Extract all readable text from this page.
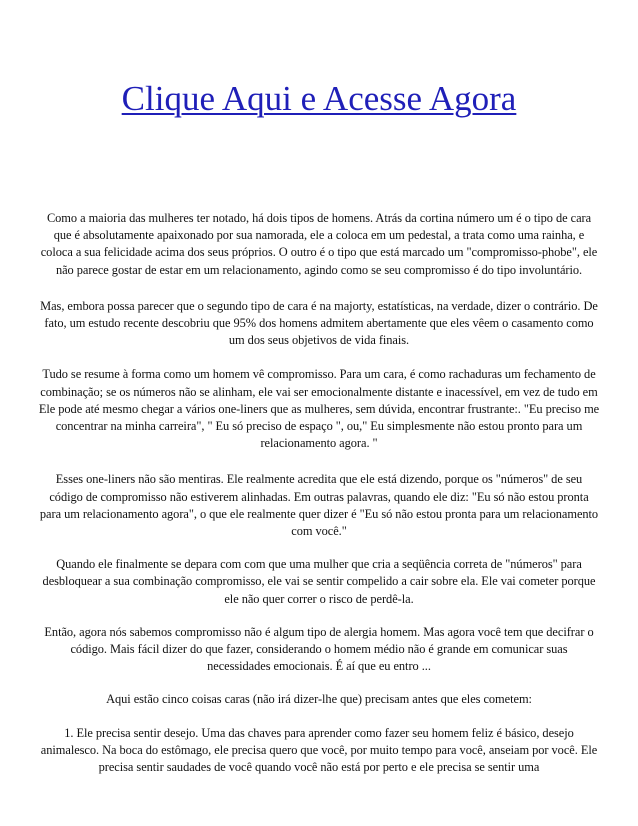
Clique Aqui e Acesse Agora

Como a maioria das mulheres ter notado, há dois tipos de homens. Atrás da cortina número um é o tipo de cara que é absolutamente apaixonado por sua namorada, ele a coloca em um pedestal, a trata como uma rainha, e coloca a sua felicidade acima dos seus próprios. O outro é o tipo que está marcado um "compromisso-phobe", ele não parece gostar de estar em um relacionamento, agindo como se seu compromisso é do tipo involuntário.

Mas, embora possa parecer que o segundo tipo de cara é na majorty, estatísticas, na verdade, dizer o contrário. De fato, um estudo recente descobriu que 95% dos homens admitem abertamente que eles vêem o casamento como um dos seus objetivos de vida finais.

Tudo se resume à forma como um homem vê compromisso. Para um cara, é como rachaduras um fechamento de combinação; se os números não se alinham, ele vai ser emocionalmente distante e inacessível, em vez de tudo em Ele pode até mesmo chegar a vários one-liners que as mulheres, sem dúvida, encontrar frustrante:. "Eu preciso me concentrar na minha carreira", " Eu só preciso de espaço ", ou," Eu simplesmente não estou pronto para um relacionamento agora. "

Esses one-liners não são mentiras. Ele realmente acredita que ele está dizendo, porque os "números" de seu código de compromisso não estiverem alinhadas. Em outras palavras, quando ele diz: "Eu só não estou pronta para um relacionamento agora", o que ele realmente quer dizer é "Eu só não estou pronta para um relacionamento com você."

Quando ele finalmente se depara com com que uma mulher que cria a seqüência correta de "números" para desbloquear a sua combinação compromisso, ele vai se sentir compelido a cair sobre ela. Ele vai cometer porque ele não quer correr o risco de perdê-la.

Então, agora nós sabemos compromisso não é algum tipo de alergia homem. Mas agora você tem que decifrar o código. Mais fácil dizer do que fazer, considerando o homem médio não é grande em comunicar suas necessidades emocionais. É aí que eu entro ...

Aqui estão cinco coisas caras (não irá dizer-lhe que) precisam antes que eles cometem:

1. Ele precisa sentir desejo. Uma das chaves para aprender como fazer seu homem feliz é básico, desejo animalesco. Na boca do estômago, ele precisa quero que você, por muito tempo para você, anseiam por você. Ele precisa sentir saudades de você quando você não está por perto e ele precisa se sentir uma
